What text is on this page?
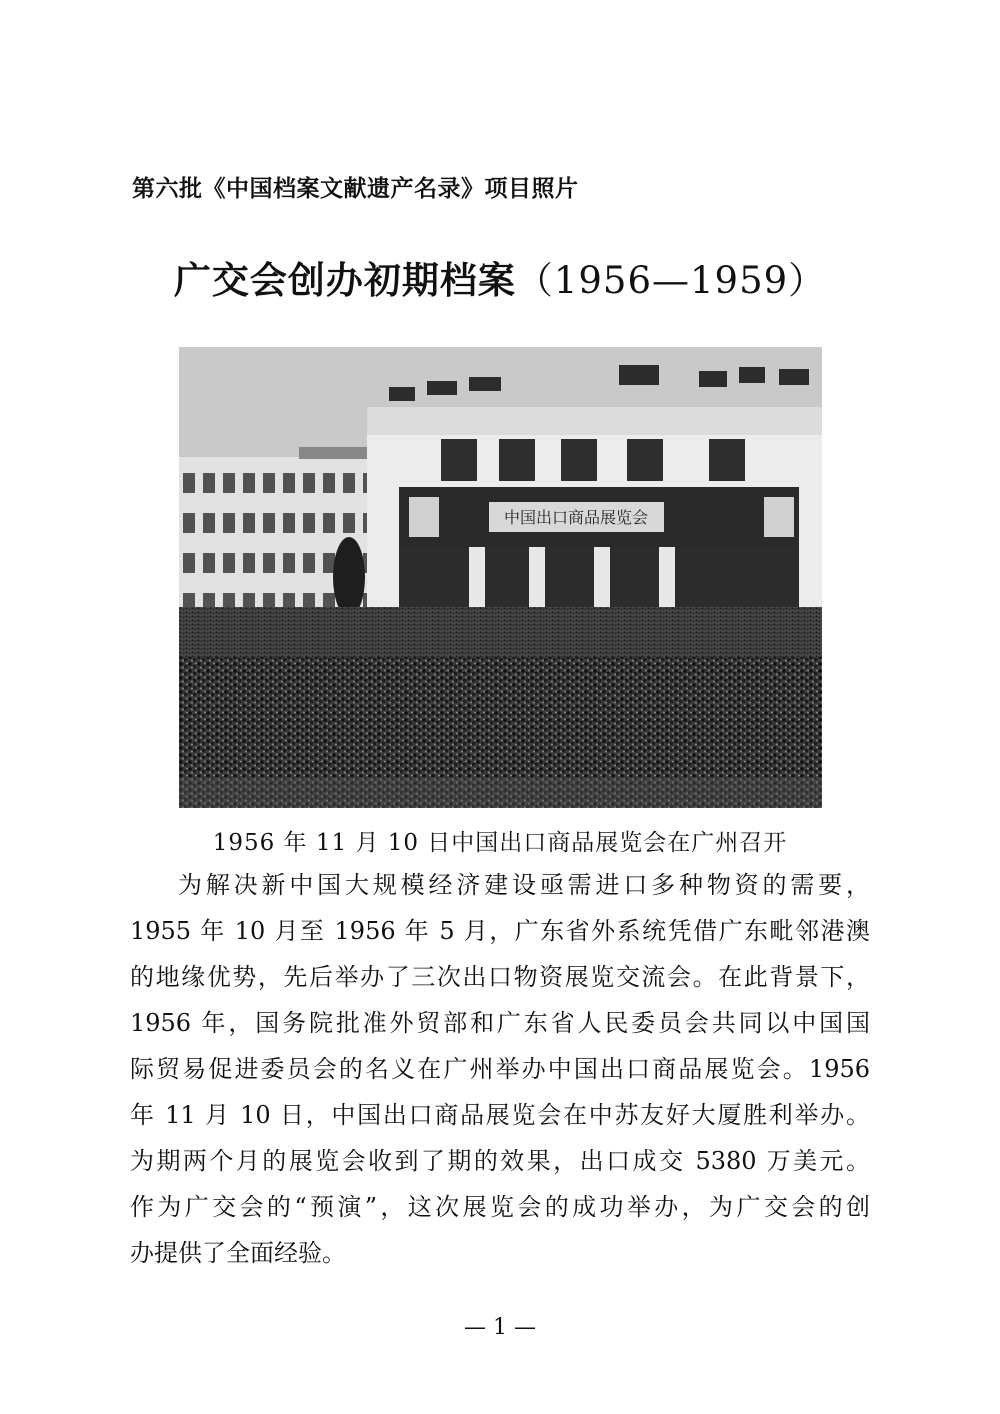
第六批《中国档案文献遗产名录》项目照片
广交会创办初期档案（1956—1959）
中国出口商品展览会
1956 年 11 月 10 日中国出口商品展览会在广州召开
为解决新中国大规模经济建设亟需进口多种物资的需要，
1955 年 10 月至 1956 年 5 月，广东省外系统凭借广东毗邻港澳
的地缘优势，先后举办了三次出口物资展览交流会。在此背景下，
1956 年，国务院批准外贸部和广东省人民委员会共同以中国国
际贸易促进委员会的名义在广州举办中国出口商品展览会。1956
年 11 月 10 日，中国出口商品展览会在中苏友好大厦胜利举办。
为期两个月的展览会收到了期的效果，出口成交 5380 万美元。
作为广交会的“预演”，这次展览会的成功举办，为广交会的创
办提供了全面经验。
— 1 —
